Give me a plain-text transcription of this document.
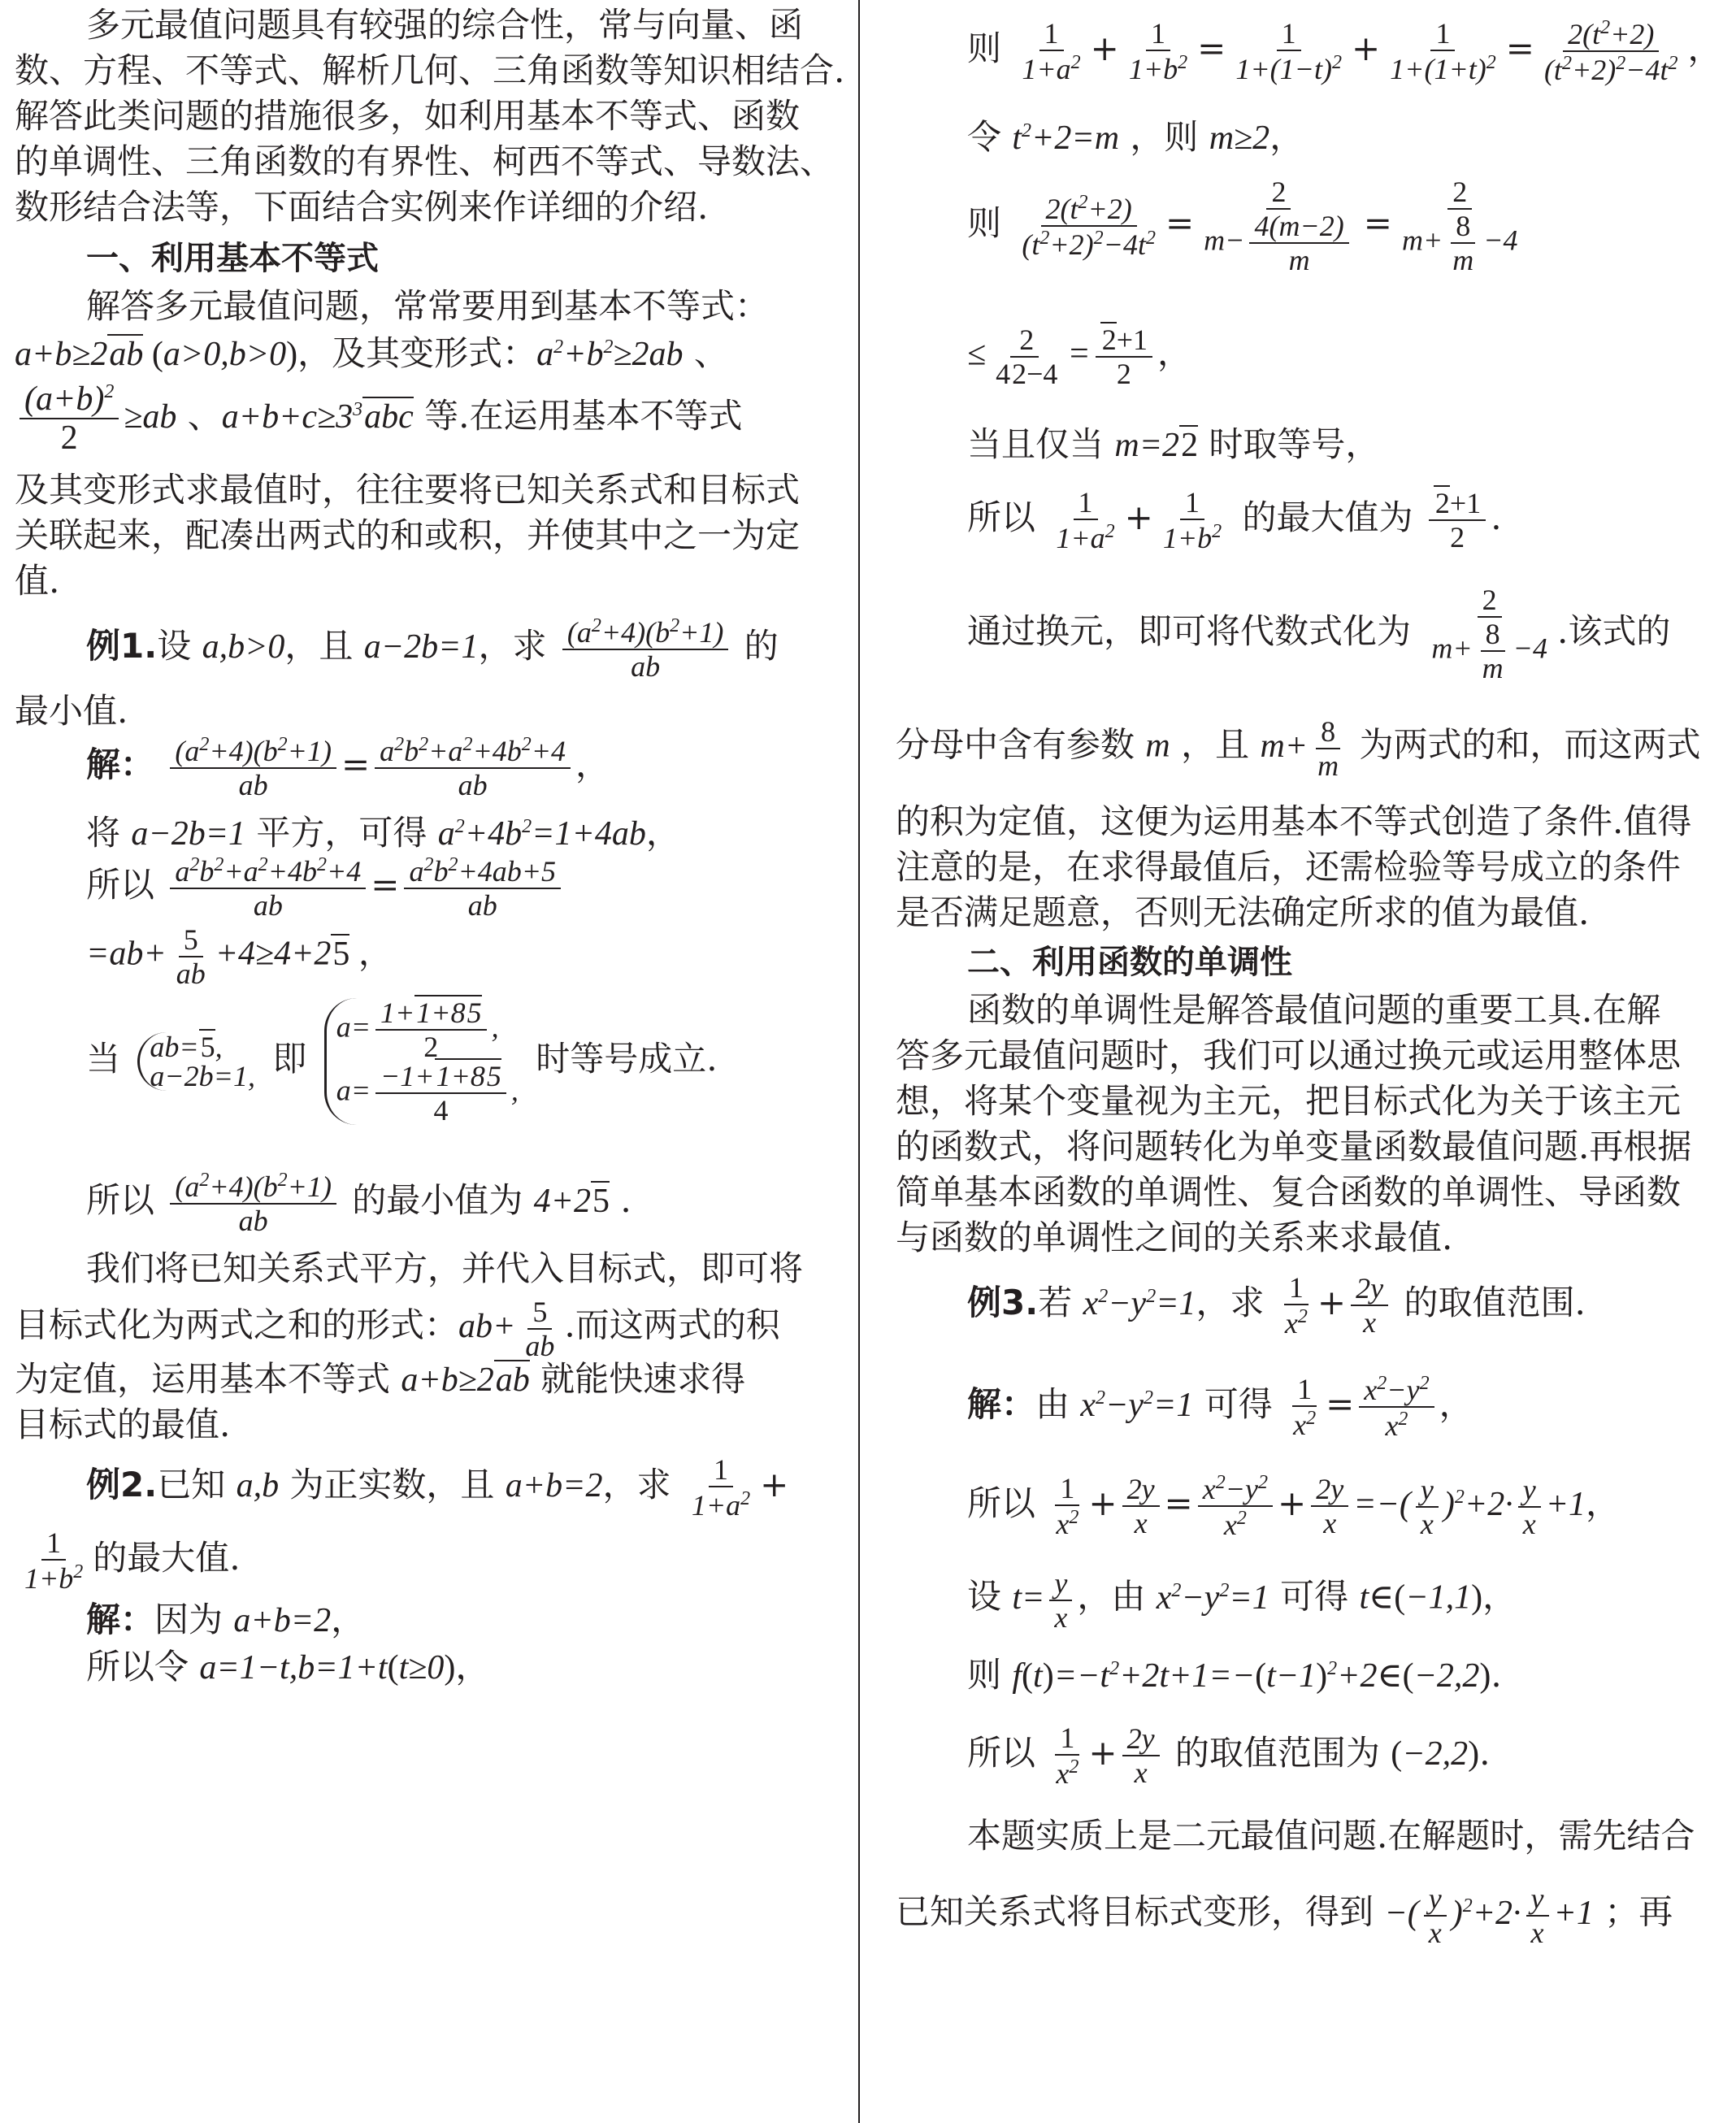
多元最值问题具有较强的综合性，常与向量、函
数、方程、不等式、解析几何、三角函数等知识相结合.
解答此类问题的措施很多，如利用基本不等式、函数
的单调性、三角函数的有界性、柯西不等式、导数法、
数形结合法等，下面结合实例来作详细的介绍.
一、利用基本不等式
解答多元最值问题，常常要用到基本不等式：
a+b≥2ab (a>0,b>0)，及其变形式：$a^2+b^2\ge 2ab$ 、
$\frac{(a+b)^2}{2} \ge ab$ 、$a+b+c\ge 3^3abc$ 等.在运用基本不等式
及其变形式求最值时，往往要将已知关系式和目标式
关联起来，配凑出两式的和或积，并使其中之一为定
值.
例1.设 a,b>0，且 a−2b=1，求 $\frac{(a^2+4)(b^2+1)}{ab}$ 的
最小值.
解： $\frac{(a^2+4)(b^2+1)}{ab} = \frac{a^2b^2+a^2+4b^2+4}{ab}$ ，
将 a−2b=1 平方，可得 $a^2+4b^2=1+4ab$，
所以 $\frac{a^2b^2+a^2+4b^2+4}{ab} = \frac{a^2b^2+4ab+5}{ab}$
$=ab+ \frac{5}{ab} +4\ge 4+25$ ，
当 ab=5,
a−2b=1, 即
$a= \frac{1+1+85}{2}$ ,
$a= \frac{-1+1+85}{4}$ ,
时等号成立.
所以 $\frac{(a^2+4)(b^2+1)}{ab}$ 的最小值为 4+25 .
我们将已知关系式平方，并代入目标式，即可将
目标式化为两式之和的形式：$ab+ \frac{5}{ab}$ .而这两式的积
为定值，运用基本不等式 a+b≥2ab 就能快速求得
目标式的最值.
例2.已知 a,b 为正实数，且 a+b=2，求 $\frac{1}{1+a^2}$ +
$\frac{1}{1+b^2}$ 的最大值.
解：因为 a+b=2，
所以令 a=1−t,b=1+t(t≥0)，
则 $\frac{1}{1+a^2} + \frac{1}{1+b^2} = \frac{1}{1+(1-t)^2} + \frac{1}{1+(1+t)^2} = \frac{2(t^2+2)}{(t^2+2)^2-4t^2}$ ，
令 $t^2+2=m$ ，则 m≥2，
则 $\frac{2(t^2+2)}{(t^2+2)^2-4t^2} = \frac{2}{m- \frac{4(m-2)}{m}} = \frac{2}{m+ \frac{8}{m} -4}$
≤ $\frac{2}{42-4} = \frac{2+1}{2}$ ，
当且仅当 m=22 时取等号，
所以 $\frac{1}{1+a^2} + \frac{1}{1+b^2}$ 的最大值为 $\frac{2+1}{2}$ .
通过换元，即可将代数式化为 $\frac{2}{m+ \frac{8}{m} -4}$ .该式的
分母中含有参数 m ，且 $m+ \frac{8}{m}$ 为两式的和，而这两式
的积为定值，这便为运用基本不等式创造了条件.值得
注意的是，在求得最值后，还需检验等号成立的条件
是否满足题意，否则无法确定所求的值为最值.
二、利用函数的单调性
函数的单调性是解答最值问题的重要工具.在解
答多元最值问题时，我们可以通过换元或运用整体思
想，将某个变量视为主元，把目标式化为关于该主元
的函数式，将问题转化为单变量函数最值问题.再根据
简单基本函数的单调性、复合函数的单调性、导函数
与函数的单调性之间的关系来求最值.
例3.若 $x^2-y^2=1$，求 $\frac{1}{x^2} + \frac{2y}{x}$ 的取值范围.
解：由 $x^2-y^2=1$ 可得 $\frac{1}{x^2} = \frac{x^2-y^2}{x^2}$ ，
所以 $\frac{1}{x^2} + \frac{2y}{x} = \frac{x^2-y^2}{x^2} + \frac{2y}{x}$ =−( $\frac{y}{x} )^2+2\cdot \frac{y}{x} +1$，
设 $t= \frac{y}{x}$ ，由 $x^2-y^2=1$ 可得 t∈(−1,1)，
则 $f(t)=-t^2+2t+1=-(t-1)^2+2\in(-2,2)$.
所以 $\frac{1}{x^2} + \frac{2y}{x}$ 的取值范围为 (−2,2).
本题实质上是二元最值问题.在解题时，需先结合
已知关系式将目标式变形，得到 −( $\frac{y}{x} )^2+2\cdot \frac{y}{x} +1$ ；再
